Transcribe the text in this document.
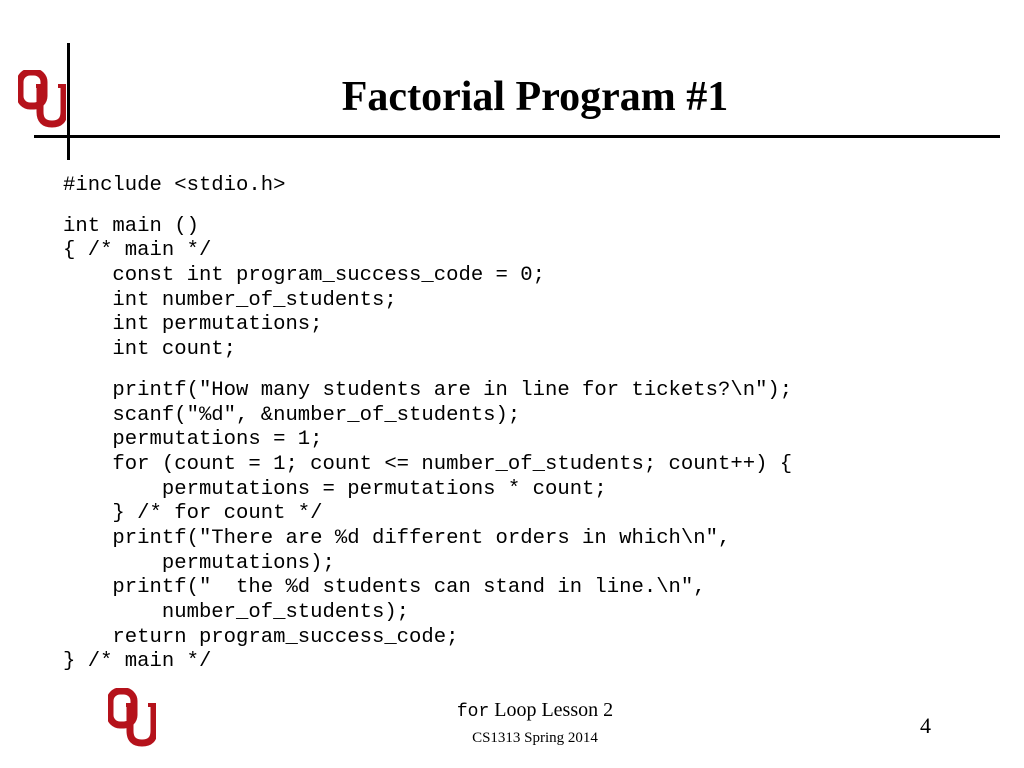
Factorial Program #1
#include <stdio.h>
int main ()
{ /* main */
const int program_success_code = 0;
int number_of_students;
int permutations;
int count;
printf("How many students are in line for tickets?\n");
scanf("%d", &number_of_students);
permutations = 1;
for (count = 1; count <= number_of_students; count++) {
permutations = permutations * count;
} /* for count */
printf("There are %d different orders in which\n",
permutations);
printf("  the %d students can stand in line.\n",
number_of_students);
return program_success_code;
} /* main */
for Loop Lesson 2
CS1313 Spring 2014	4
